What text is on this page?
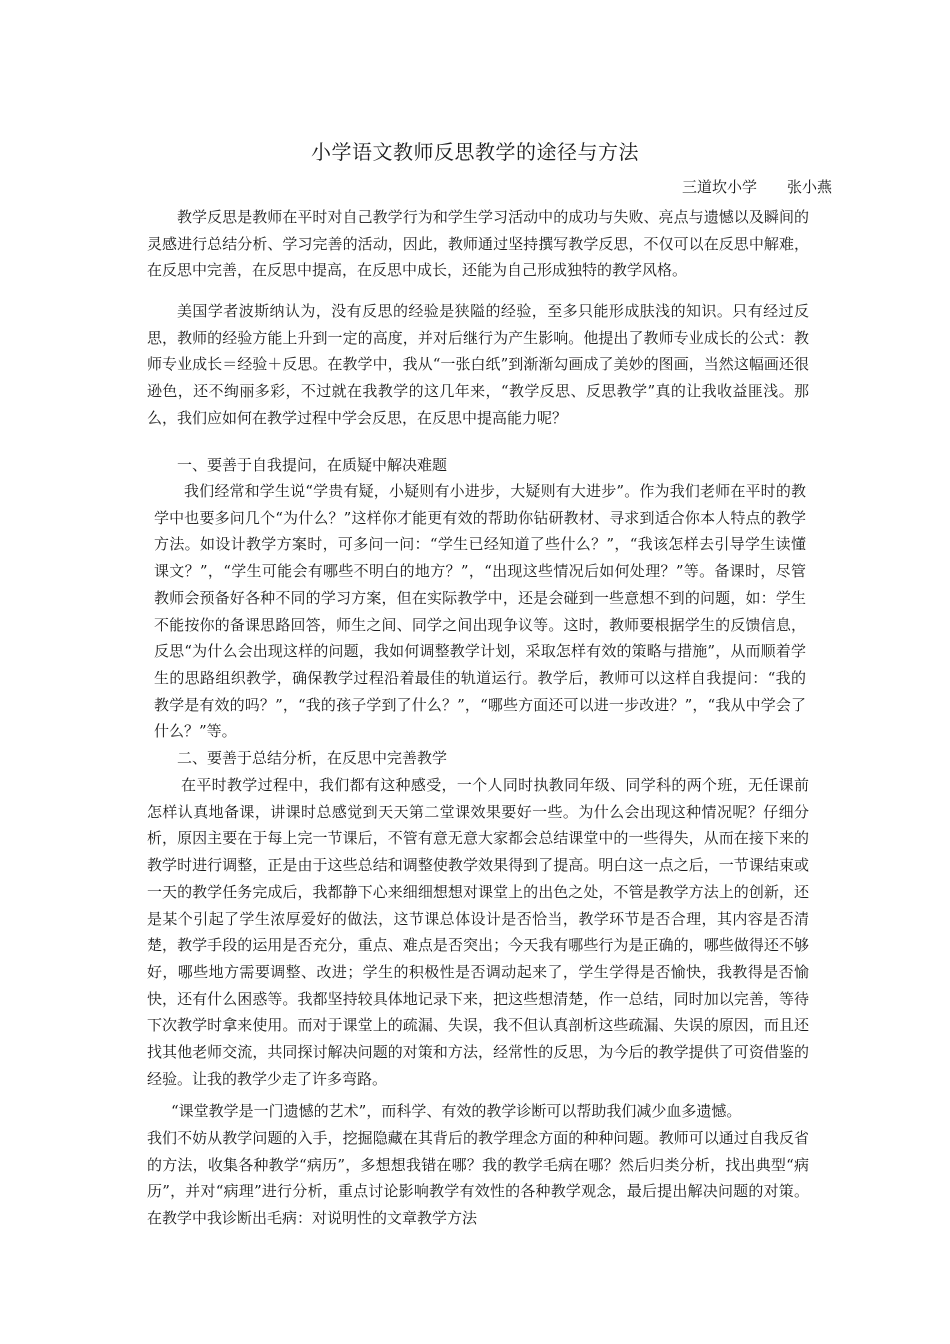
小学语文教师反思教学的途径与方法
三道坎小学　　张小燕

教学反思是教师在平时对自己教学行为和学生学习活动中的成功与失败、亮点与遗憾以及瞬间的灵感进行总结分析、学习完善的活动，因此，教师通过坚持撰写教学反思，不仅可以在反思中解难，在反思中完善，在反思中提高，在反思中成长，还能为自己形成独特的教学风格。

美国学者波斯纳认为，没有反思的经验是狭隘的经验，至多只能形成肤浅的知识。只有经过反思，教师的经验方能上升到一定的高度，并对后继行为产生影响。他提出了教师专业成长的公式：教师专业成长＝经验＋反思。在教学中，我从“一张白纸”到渐渐勾画成了美妙的图画，当然这幅画还很逊色，还不绚丽多彩，不过就在我教学的这几年来，“教学反思、反思教学”真的让我收益匪浅。那么，我们应如何在教学过程中学会反思，在反思中提高能力呢？

一、要善于自我提问，在质疑中解决难题

我们经常和学生说“学贵有疑，小疑则有小进步，大疑则有大进步”。作为我们老师在平时的教学中也要多问几个“为什么？”这样你才能更有效的帮助你钻研教材、寻求到适合你本人特点的教学方法。如设计教学方案时，可多问一问：“学生已经知道了些什么？”，“我该怎样去引导学生读懂课文？”，“学生可能会有哪些不明白的地方？”，“出现这些情况后如何处理？”等。备课时，尽管教师会预备好各种不同的学习方案，但在实际教学中，还是会碰到一些意想不到的问题，如：学生不能按你的备课思路回答，师生之间、同学之间出现争议等。这时，教师要根据学生的反馈信息，反思“为什么会出现这样的问题，我如何调整教学计划，采取怎样有效的策略与措施”，从而顺着学生的思路组织教学，确保教学过程沿着最佳的轨道运行。教学后，教师可以这样自我提问：“我的教学是有效的吗？”，“我的孩子学到了什么？”，“哪些方面还可以进一步改进？”，“我从中学会了什么？”等。

二、要善于总结分析，在反思中完善教学

在平时教学过程中，我们都有这种感受，一个人同时执教同年级、同学科的两个班，无任课前怎样认真地备课，讲课时总感觉到天天第二堂课效果要好一些。为什么会出现这种情况呢？仔细分析，原因主要在于每上完一节课后，不管有意无意大家都会总结课堂中的一些得失，从而在接下来的教学时进行调整，正是由于这些总结和调整使教学效果得到了提高。明白这一点之后，一节课结束或一天的教学任务完成后，我都静下心来细细想想对课堂上的出色之处，不管是教学方法上的创新，还是某个引起了学生浓厚爱好的做法，这节课总体设计是否恰当，教学环节是否合理，其内容是否清楚，教学手段的运用是否充分，重点、难点是否突出；今天我有哪些行为是正确的，哪些做得还不够好，哪些地方需要调整、改进；学生的积极性是否调动起来了，学生学得是否愉快，我教得是否愉快，还有什么困惑等。我都坚持较具体地记录下来，把这些想清楚，作一总结，同时加以完善，等待下次教学时拿来使用。而对于课堂上的疏漏、失误，我不但认真剖析这些疏漏、失误的原因，而且还找其他老师交流，共同探讨解决问题的对策和方法，经常性的反思，为今后的教学提供了可资借鉴的经验。让我的教学少走了许多弯路。

“课堂教学是一门遗憾的艺术”，而科学、有效的教学诊断可以帮助我们减少血多遗憾。

我们不妨从教学问题的入手，挖掘隐藏在其背后的教学理念方面的种种问题。教师可以通过自我反省的方法，收集各种教学“病历”，多想想我错在哪？我的教学毛病在哪？然后归类分析，找出典型“病历”，并对“病理”进行分析，重点讨论影响教学有效性的各种教学观念，最后提出解决问题的对策。在教学中我诊断出毛病：对说明性的文章教学方法
